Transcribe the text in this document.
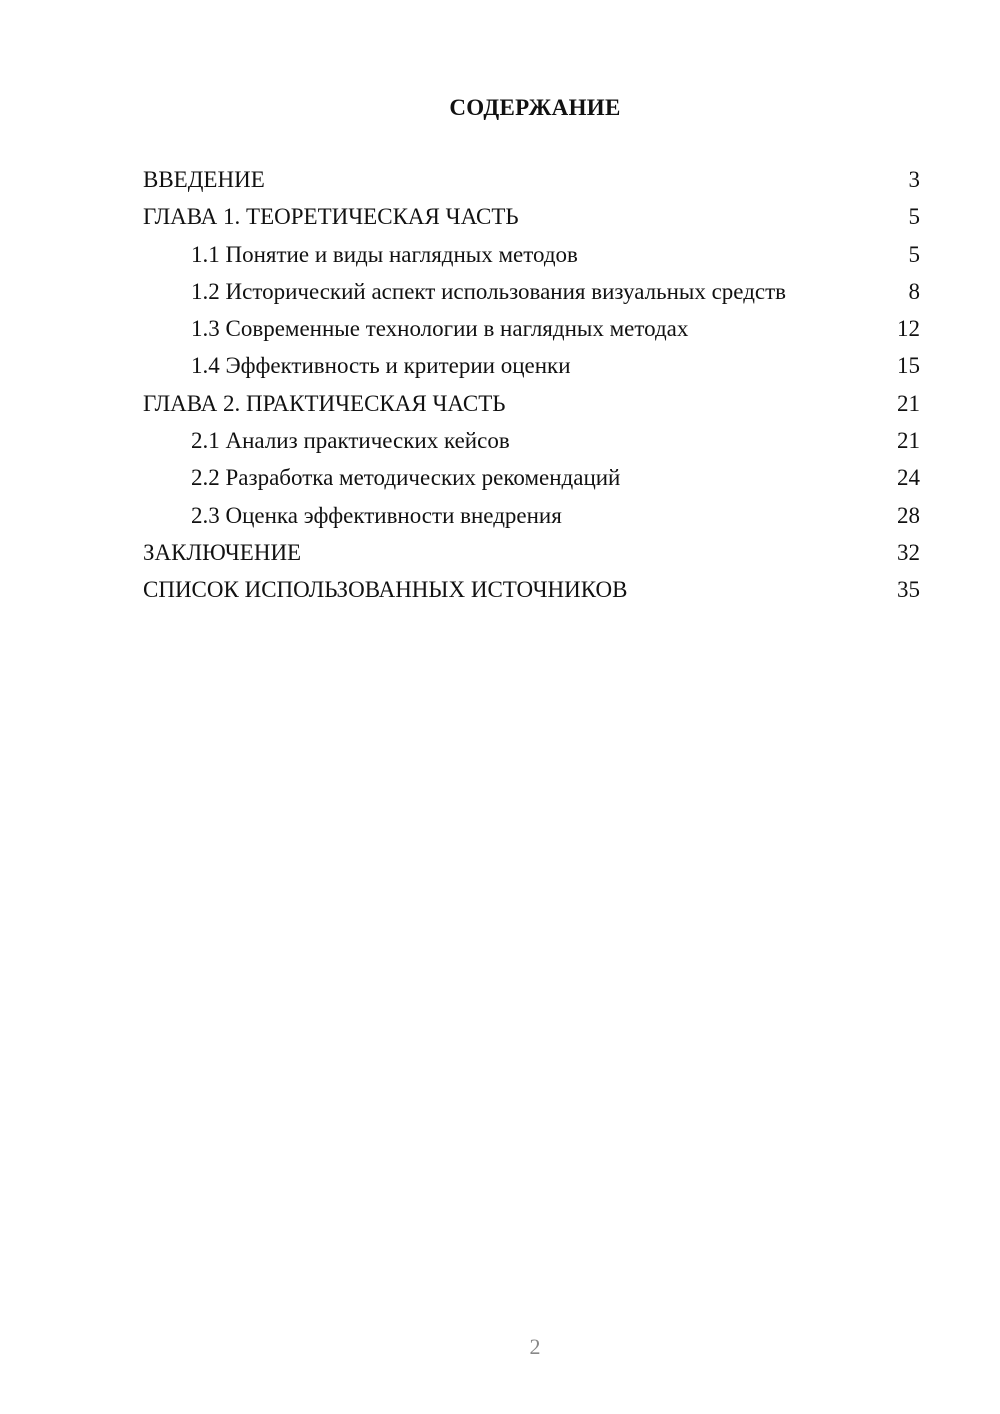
СОДЕРЖАНИЕ
ВВЕДЕНИЕ	3
ГЛАВА 1. ТЕОРЕТИЧЕСКАЯ ЧАСТЬ	5
1.1 Понятие и виды наглядных методов	5
1.2 Исторический аспект использования визуальных средств	8
1.3 Современные технологии в наглядных методах	12
1.4 Эффективность и критерии оценки	15
ГЛАВА 2. ПРАКТИЧЕСКАЯ ЧАСТЬ	21
2.1 Анализ практических кейсов	21
2.2 Разработка методических рекомендаций	24
2.3 Оценка эффективности внедрения	28
ЗАКЛЮЧЕНИЕ	32
СПИСОК ИСПОЛЬЗОВАННЫХ ИСТОЧНИКОВ	35
2
